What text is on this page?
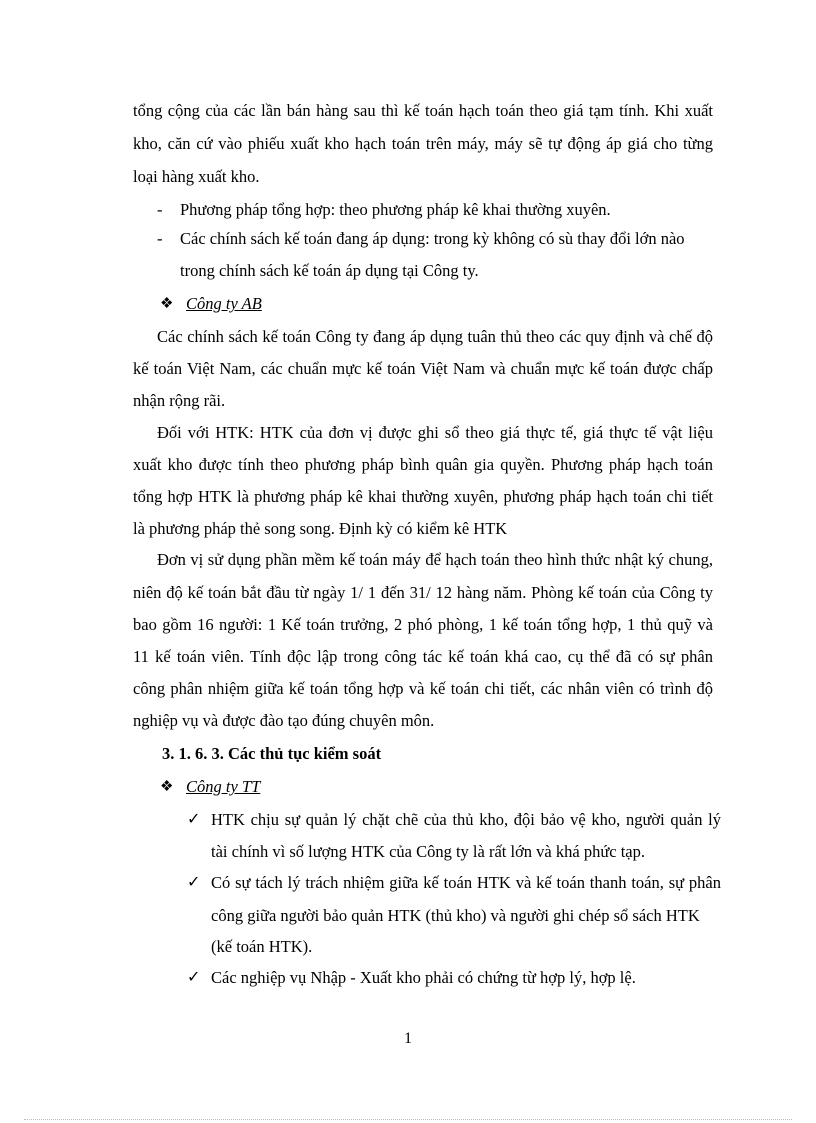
tổng cộng của các lần bán hàng sau thì kế toán hạch toán theo giá tạm tính. Khi xuất
kho, căn cứ vào phiếu xuất kho hạch toán trên máy, máy sẽ tự động áp giá cho từng
loại hàng xuất kho.
- Phương pháp tổng hợp: theo phương pháp kê khai thường xuyên.
- Các chính sách kế toán đang áp dụng: trong kỳ không có sù thay đổi lớn nào
trong chính sách kế toán áp dụng tại Công ty.
❖ Công ty AB
Các chính sách kế toán Công ty đang áp dụng tuân thủ theo các quy định và chế độ
kế toán Việt Nam, các chuẩn mực kế toán Việt Nam và chuẩn mực kế toán được chấp
nhận rộng rãi.
Đối với HTK: HTK của đơn vị được ghi sổ theo giá thực tế, giá thực tế vật liệu
xuất kho được tính theo phương pháp bình quân gia quyền. Phương pháp hạch toán
tổng hợp HTK là phương pháp kê khai thường xuyên, phương pháp hạch toán chi tiết
là phương pháp thẻ song song. Định kỳ có kiểm kê HTK
Đơn vị sử dụng phần mềm kế toán máy để hạch toán theo hình thức nhật ký chung,
niên độ kế toán bắt đầu từ ngày 1/ 1 đến 31/ 12 hàng năm. Phòng kế toán của Công ty
bao gồm 16 người: 1 Kế toán trưởng, 2 phó phòng, 1 kế toán tổng hợp, 1 thủ quỹ và
11 kế toán viên. Tính độc lập trong công tác kế toán khá cao, cụ thể đã có sự phân
công phân nhiệm giữa kế toán tổng hợp và kế toán chi tiết, các nhân viên có trình độ
nghiệp vụ và được đào tạo đúng chuyên môn.
3. 1. 6. 3. Các thủ tục kiểm soát
❖ Công ty TT
✓ HTK chịu sự quản lý chặt chẽ của thủ kho, đội bảo vệ kho, người quản lý
tài chính vì số lượng HTK của Công ty là rất lớn và khá phức tạp.
✓ Có sự tách lý trách nhiệm giữa kế toán HTK và kế toán thanh toán, sự phân
công giữa người bảo quản HTK (thủ kho) và người ghi chép sổ sách HTK
(kế toán HTK).
✓ Các nghiệp vụ Nhập - Xuất kho phải có chứng từ hợp lý, hợp lệ.
1
